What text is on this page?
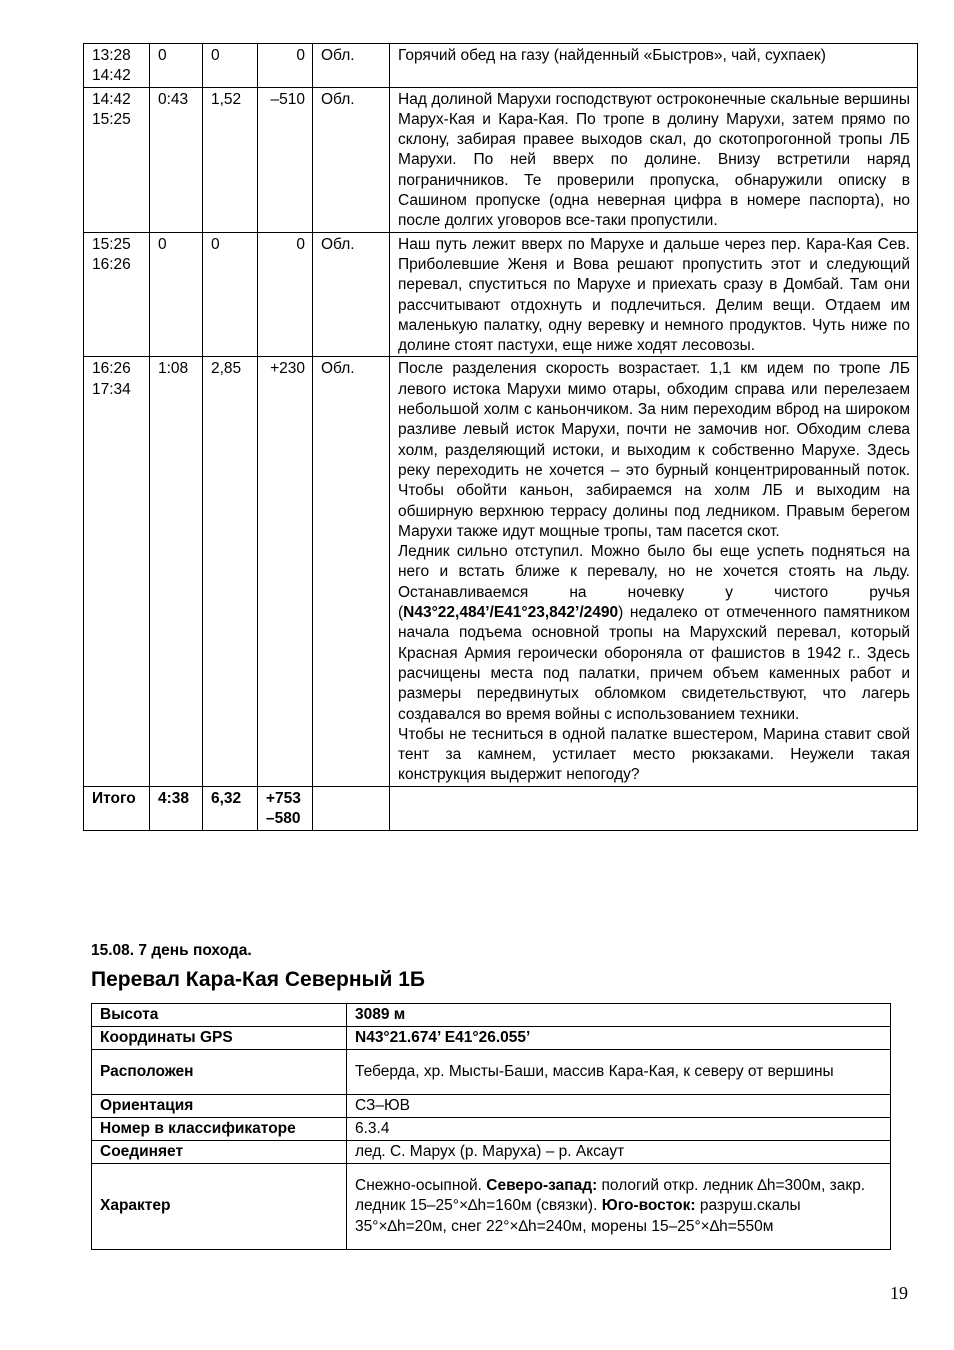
13:28
14:42	0	0	0	Обл.	Горячий обед на газу (найденный «Быстров», чай, сухпаек)

14:42
15:25	0:43	1,52	–510	Обл.	Над долиной Марухи господствуют остроконечные скальные вершины Марух-Кая и Кара-Кая. По тропе в долину Марухи, затем прямо по склону, забирая правее выходов скал, до скотопрогонной тропы ЛБ Марухи. По ней вверх по долине. Внизу встретили наряд пограничников. Те проверили пропуска, обнаружили описку в Сашином пропуске (одна неверная цифра в номере паспорта), но после долгих уговоров все-таки пропустили.

15:25
16:26	0	0	0	Обл.	Наш путь лежит вверх по Марухе и дальше через пер. Кара-Кая Сев. Приболевшие Женя и Вова решают пропустить этот и следующий перевал, спуститься по Марухе и приехать сразу в Домбай. Там они рассчитывают отдохнуть и подлечиться. Делим вещи. Отдаем им маленькую палатку, одну веревку и немного продуктов. Чуть ниже по долине стоят пастухи, еще ниже ходят лесовозы.

16:26
17:34	1:08	2,85	+230	Обл.	После разделения скорость возрастает. 1,1 км идем по тропе ЛБ левого истока Марухи мимо отары, обходим справа или перелезаем небольшой холм с каньончиком. За ним переходим вброд на широком разливе левый исток Марухи, почти не замочив ног. Обходим слева холм, разделяющий истоки, и выходим к собственно Марухе. Здесь реку переходить не хочется – это бурный концентрированный поток. Чтобы обойти каньон, забираемся на холм ЛБ и выходим на обширную верхнюю террасу долины под ледником. Правым берегом Марухи также идут мощные тропы, там пасется скот.
Ледник сильно отступил. Можно было бы еще успеть подняться на него и встать ближе к перевалу, но не хочется стоять на льду. Останавливаемся на ночевку у чистого ручья (N43°22,484’/E41°23,842’/2490) недалеко от отмеченного памятником начала подъема основной тропы на Марухский перевал, который Красная Армия героически обороняла от фашистов в 1942 г.. Здесь расчищены места под палатки, причем объем каменных работ и размеры передвинутых обломком свидетельствуют, что лагерь создавался во время войны с использованием техники.
Чтобы не тесниться в одной палатке вшестером, Марина ставит свой тент за камнем, устилает место рюкзаками. Неужели такая конструкция выдержит непогоду?

Итого	4:38	6,32	+753
–580		

15.08. 7 день похода.
Перевал Кара-Кая Северный 1Б
Высота	3089 м
Координаты GPS	N43°21.674’ E41°26.055’
Расположен	Теберда, хр. Мысты-Баши, массив Кара-Кая, к северу от вершины
Ориентация	СЗ–ЮВ
Номер в классификаторе	6.3.4
Соединяет	лед. С. Марух (р. Маруха) – р. Аксаут
Характер	Снежно-осыпной. Северо-запад: пологий откр. ледник ∆h=300м, закр. ледник 15–25°×∆h=160м (связки). Юго-восток: разруш.скалы 35°×∆h=20м, снег 22°×∆h=240м, морены 15–25°×∆h=550м
19
